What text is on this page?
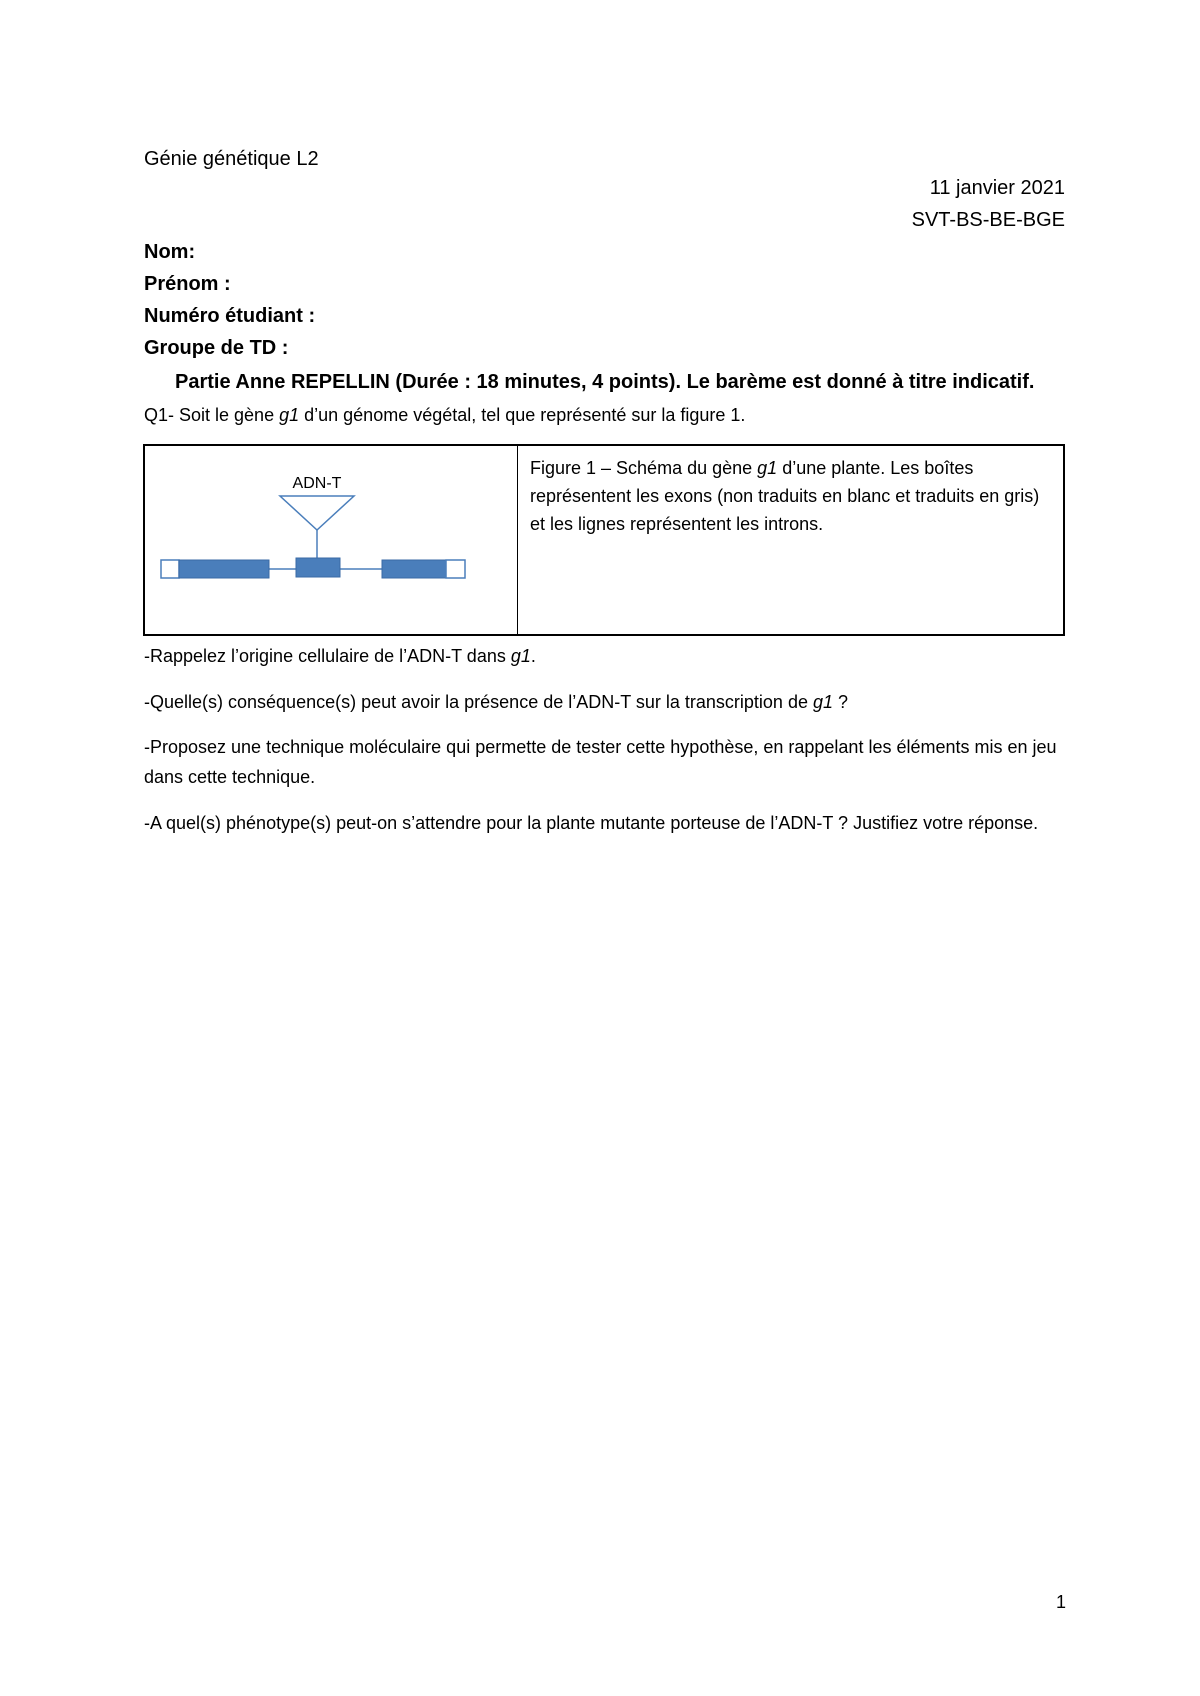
Génie génétique L2
11 janvier 2021
SVT-BS-BE-BGE
Nom:
Prénom :
Numéro étudiant :
Groupe de TD :
Partie Anne REPELLIN (Durée : 18 minutes, 4 points). Le barème est donné à titre indicatif.
Q1- Soit le gène g1 d’un génome végétal, tel que représenté sur la figure 1.
ADN-T
Figure 1 – Schéma du gène g1 d’une plante. Les boîtes représentent les exons (non traduits en blanc et traduits en gris) et les lignes représentent les introns.
-Rappelez l’origine cellulaire de l’ADN-T dans g1.
-Quelle(s) conséquence(s) peut avoir la présence de l’ADN-T sur la transcription de g1 ?
-Proposez une technique moléculaire qui permette de tester cette hypothèse, en rappelant les éléments mis en jeu dans cette technique.
-A quel(s) phénotype(s) peut-on s’attendre pour la plante mutante porteuse de l’ADN-T ? Justifiez votre réponse.
1
